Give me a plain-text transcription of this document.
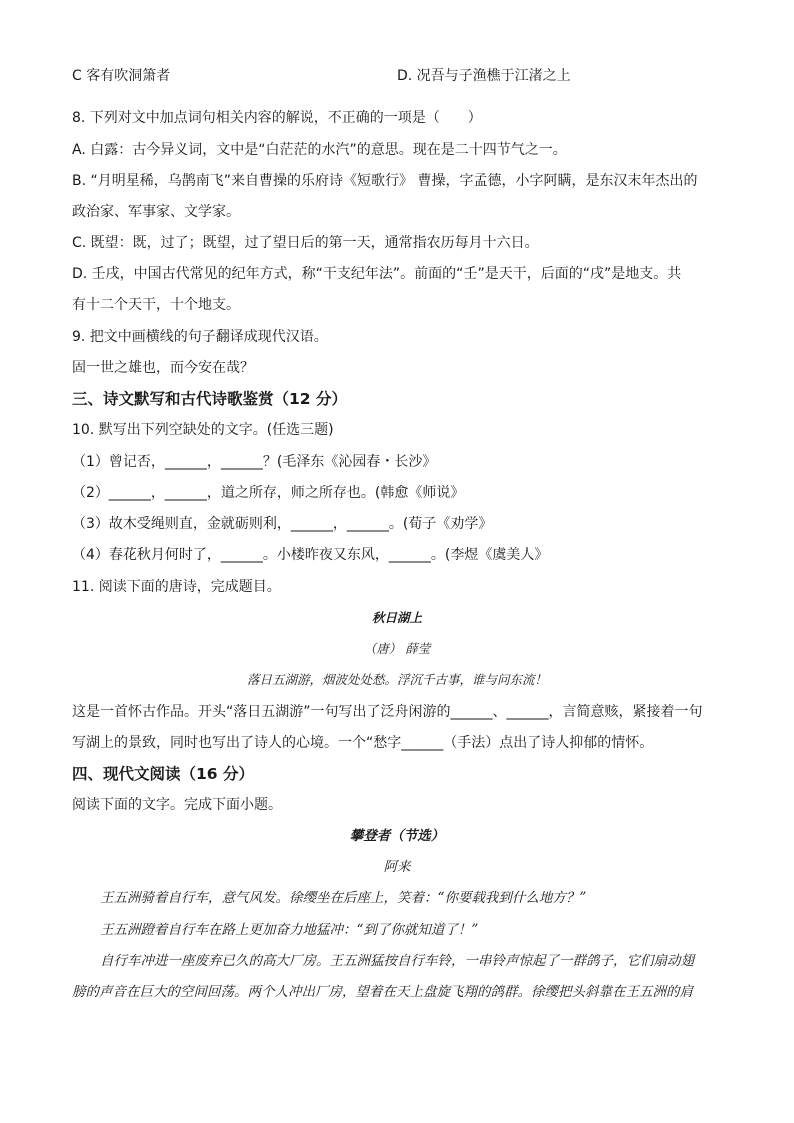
C 客有吹洞箫者	D. 况吾与子渔樵于江渚之上
8. 下列对文中加点词句相关内容的解说，不正确的一项是（　　）
A. 白露：古今异义词，文中是“白茫茫的水汽”的意思。现在是二十四节气之一。
B. “月明星稀，乌鹊南飞”来自曹操的乐府诗《短歌行》 曹操，字孟德，小字阿瞒，是东汉末年杰出的
政治家、军事家、文学家。
C. 既望：既，过了；既望，过了望日后的第一天，通常指农历每月十六日。
D. 壬戌，中国古代常见的纪年方式，称“干支纪年法”。前面的“壬”是天干，后面的“戌”是地支。共
有十二个天干，十个地支。
9. 把文中画横线的句子翻译成现代汉语。
固一世之雄也，而今安在哉？
三、诗文默写和古代诗歌鉴赏（12 分）
10. 默写出下列空缺处的文字。(任选三题)
（1）曾记否，______，______？(毛泽东《沁园春・长沙》
（2）______，______，道之所存，师之所存也。(韩愈《师说》
（3）故木受绳则直，金就砺则利，______，______。(荀子《劝学》
（4）春花秋月何时了，______。小楼昨夜又东风，______。(李煜《虞美人》
11. 阅读下面的唐诗，完成题目。
秋日湖上
（唐） 薛莹
落日五湖游，烟波处处愁。浮沉千古事，谁与问东流！
这是一首怀古作品。开头“落日五湖游”一句写出了泛舟闲游的______、______，言简意赅，紧接着一句
写湖上的景致，同时也写出了诗人的心境。一个“愁字______（手法）点出了诗人抑郁的情怀。
四、现代文阅读（16 分）
阅读下面的文字。完成下面小题。
攀登者（节选）
阿来
王五洲骑着自行车，意气风发。徐缨坐在后座上，笑着：“你要载我到什么地方？”
王五洲蹬着自行车在路上更加奋力地猛冲：“到了你就知道了！”
自行车冲进一座废弃已久的高大厂房。王五洲猛按自行车铃，一串铃声惊起了一群鸽子，它们扇动翅
膀的声音在巨大的空间回荡。两个人冲出厂房，望着在天上盘旋飞翔的鸽群。徐缨把头斜靠在王五洲的肩
